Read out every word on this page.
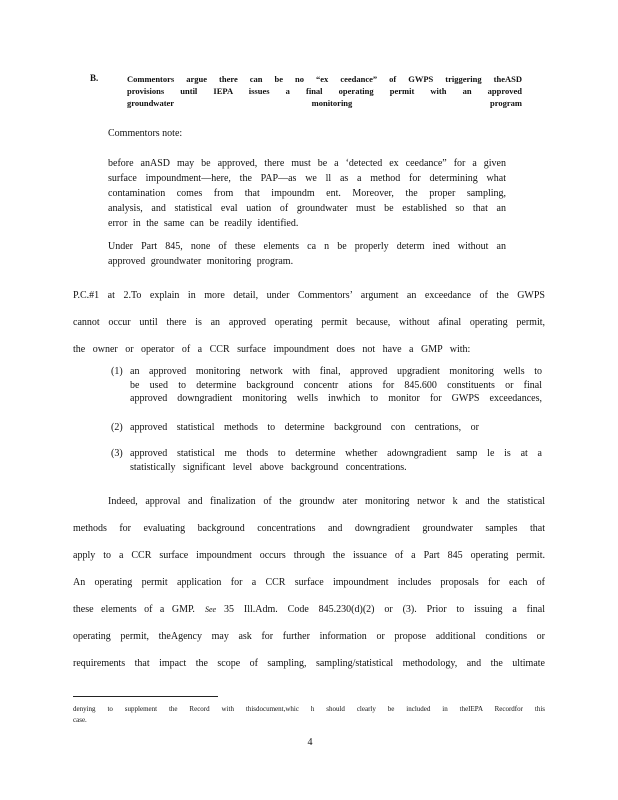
B.	Commentors argue there can be no “ex ceedance” of GWPS triggering theASD
provisions until IEPA issues a final operating permit with an approved
groundwater monitoring program
Commentors note:
before anASD may be approved, there must be a ‘detected ex ceedance” for a given
surface impoundment—here, the PAP—as we ll as a method for determining what
contamination comes from that impoundm ent. Moreover, the proper sampling,
analysis, and statistical eval uation of groundwater must be established so that an
error in the same can be readily identified.
Under Part 845, none of these elements ca n be properly determ ined without an
approved groundwater monitoring program.
P.C.#1 at 2.To explain in more detail, under Commentors’ argument an exceedance of the GWPS
cannot occur until there is an approved operating permit because, without afinal operating permit,
the owner or operator of a CCR surface impoundment does not have a GMP with:
(1) an approved monitoring network with final, approved upgradient monitoring wells to
be used to determine background concentr ations for 845.600 constituents or final
approved downgradient monitoring wells inwhich to monitor for GWPS exceedances,
(2) approved statistical methods to determine background con centrations, or
(3) approved statistical me thods to determine whether adowngradient samp le is at a
statistically significant level above background concentrations.
Indeed, approval and finalization of the groundw ater monitoring networ k and the statistical
methods for evaluating background concentrations and downgradient groundwater samples that
apply to a CCR surface impoundment occurs through the issuance of a Part 845 operating permit.
An operating permit application for a CCR surface impoundment includes proposals for each of
these elements of a GMP. See 35 Ill.Adm. Code 845.230(d)(2) or (3). Prior to issuing a final
operating permit, theAgency may ask for further information or propose additional conditions or
requirements that impact the scope of sampling, sampling/statistical methodology, and the ultimate
denying to supplement the Record with thisdocument,whic h should clearly be included in theIEPA Recordfor this
case.
4
